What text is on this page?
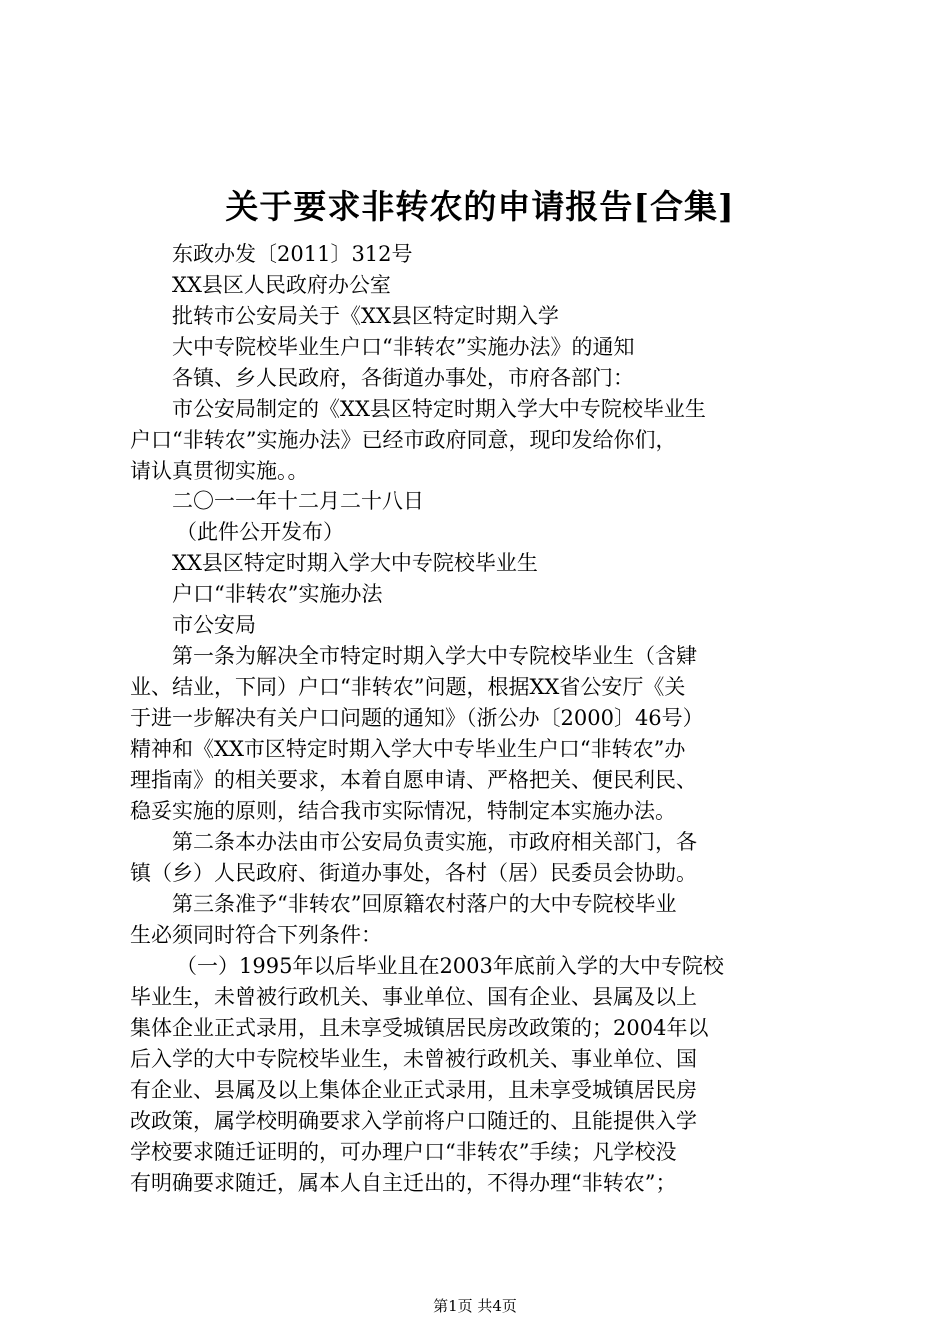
关于要求非转农的申请报告[合集]
东政办发〔2011〕312号
XX县区人民政府办公室
批转市公安局关于《XX县区特定时期入学
大中专院校毕业生户口“非转农”实施办法》的通知
各镇、乡人民政府，各街道办事处，市府各部门：
市公安局制定的《XX县区特定时期入学大中专院校毕业生
户口“非转农”实施办法》已经市政府同意，现印发给你们，
请认真贯彻实施。。
二〇一一年十二月二十八日
（此件公开发布）
XX县区特定时期入学大中专院校毕业生
户口“非转农”实施办法
市公安局
第一条为解决全市特定时期入学大中专院校毕业生（含肄
业、结业，下同）户口“非转农”问题，根据XX省公安厅《关
于进一步解决有关户口问题的通知》（浙公办〔2000〕46号）
精神和《XX市区特定时期入学大中专毕业生户口“非转农”办
理指南》的相关要求，本着自愿申请、严格把关、便民利民、
稳妥实施的原则，结合我市实际情况，特制定本实施办法。
第二条本办法由市公安局负责实施，市政府相关部门，各
镇（乡）人民政府、街道办事处，各村（居）民委员会协助。
第三条准予“非转农”回原籍农村落户的大中专院校毕业
生必须同时符合下列条件：
（一）1995年以后毕业且在2003年底前入学的大中专院校
毕业生，未曾被行政机关、事业单位、国有企业、县属及以上
集体企业正式录用，且未享受城镇居民房改政策的；2004年以
后入学的大中专院校毕业生，未曾被行政机关、事业单位、国
有企业、县属及以上集体企业正式录用，且未享受城镇居民房
改政策，属学校明确要求入学前将户口随迁的、且能提供入学
学校要求随迁证明的，可办理户口“非转农”手续；凡学校没
有明确要求随迁，属本人自主迁出的，不得办理“非转农”；
第1页 共4页
